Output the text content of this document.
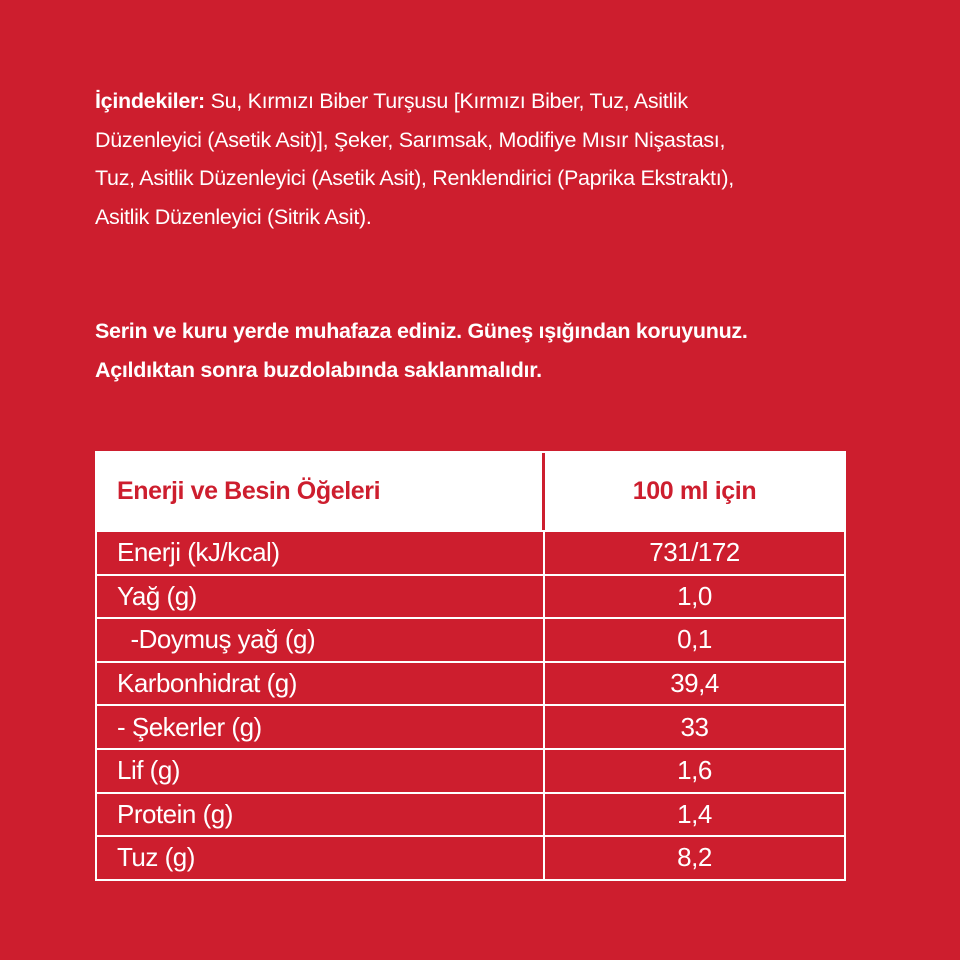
İçindekiler: Su, Kırmızı Biber Turşusu [Kırmızı Biber, Tuz, Asitlik
Düzenleyici (Asetik Asit)], Şeker, Sarımsak, Modifiye Mısır Nişastası,
Tuz, Asitlik Düzenleyici (Asetik Asit), Renklendirici (Paprika Ekstraktı),
Asitlik Düzenleyici (Sitrik Asit).
Serin ve kuru yerde muhafaza ediniz. Güneş ışığından koruyunuz.
Açıldıktan sonra buzdolabında saklanmalıdır.
Enerji ve Besin Öğeleri	100 ml için
Enerji (kJ/kcal)	731/172
Yağ (g)	1,0
-Doymuş yağ (g)	0,1
Karbonhidrat (g)	39,4
- Şekerler (g)	33
Lif (g)	1,6
Protein (g)	1,4
Tuz (g)	8,2
